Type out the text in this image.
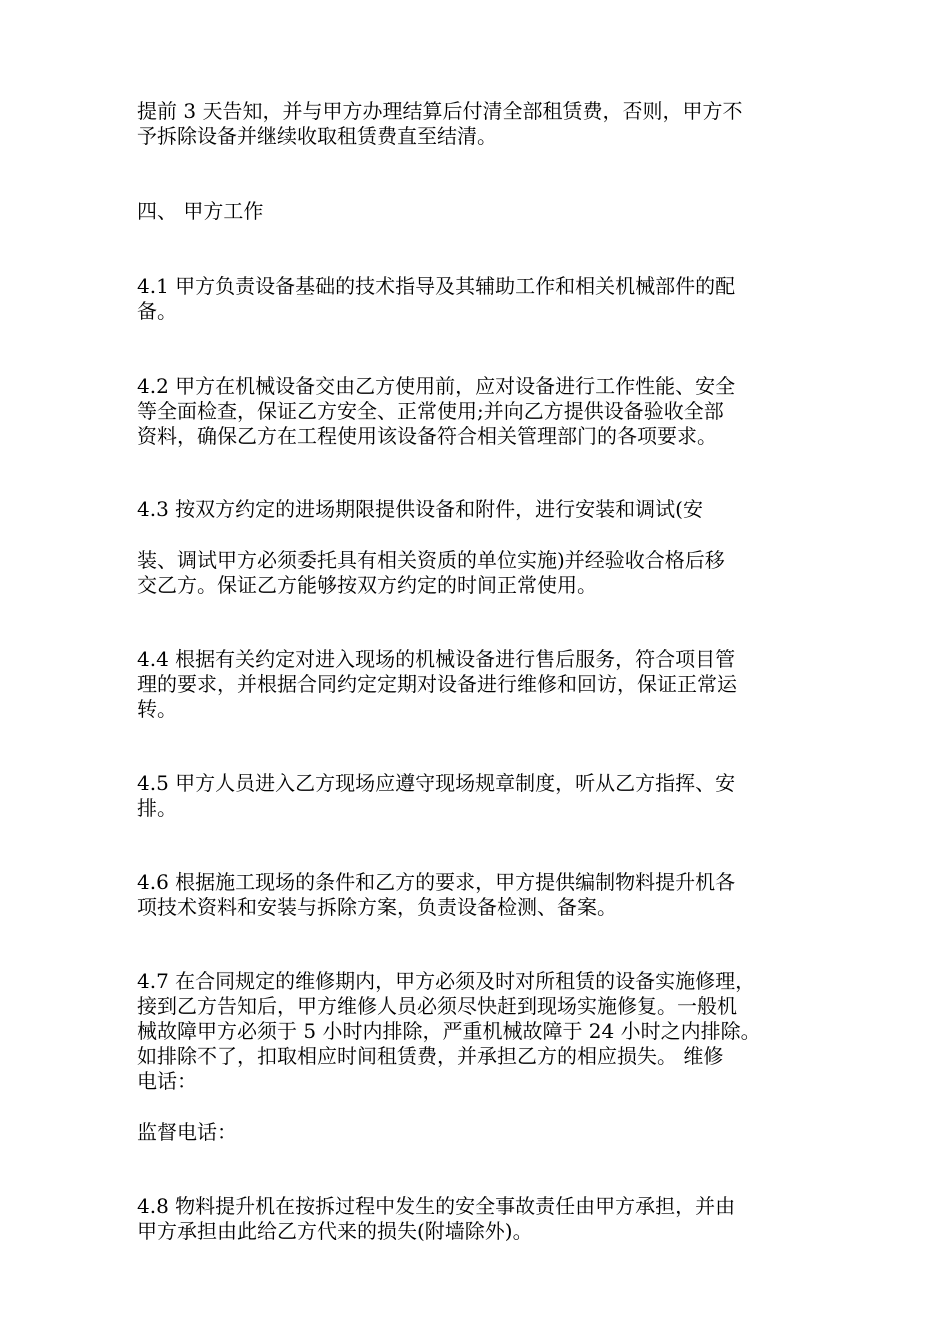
提前 3 天告知，并与甲方办理结算后付清全部租赁费，否则，甲方不
予拆除设备并继续收取租赁费直至结清。
四、 甲方工作
4.1 甲方负责设备基础的技术指导及其辅助工作和相关机械部件的配
备。
4.2 甲方在机械设备交由乙方使用前，应对设备进行工作性能、安全
等全面检查，保证乙方安全、正常使用;并向乙方提供设备验收全部
资料，确保乙方在工程使用该设备符合相关管理部门的各项要求。
4.3 按双方约定的进场期限提供设备和附件，进行安装和调试(安
装、调试甲方必须委托具有相关资质的单位实施)并经验收合格后移
交乙方。保证乙方能够按双方约定的时间正常使用。
4.4 根据有关约定对进入现场的机械设备进行售后服务，符合项目管
理的要求，并根据合同约定定期对设备进行维修和回访，保证正常运
转。
4.5 甲方人员进入乙方现场应遵守现场规章制度，听从乙方指挥、安
排。
4.6 根据施工现场的条件和乙方的要求，甲方提供编制物料提升机各
项技术资料和安装与拆除方案，负责设备检测、备案。
4.7 在合同规定的维修期内，甲方必须及时对所租赁的设备实施修理，
接到乙方告知后，甲方维修人员必须尽快赶到现场实施修复。一般机
械故障甲方必须于 5 小时内排除，严重机械故障于 24 小时之内排除。
如排除不了，扣取相应时间租赁费，并承担乙方的相应损失。 维修
电话：
监督电话：
4.8 物料提升机在按拆过程中发生的安全事故责任由甲方承担，并由
甲方承担由此给乙方代来的损失(附墙除外)。
